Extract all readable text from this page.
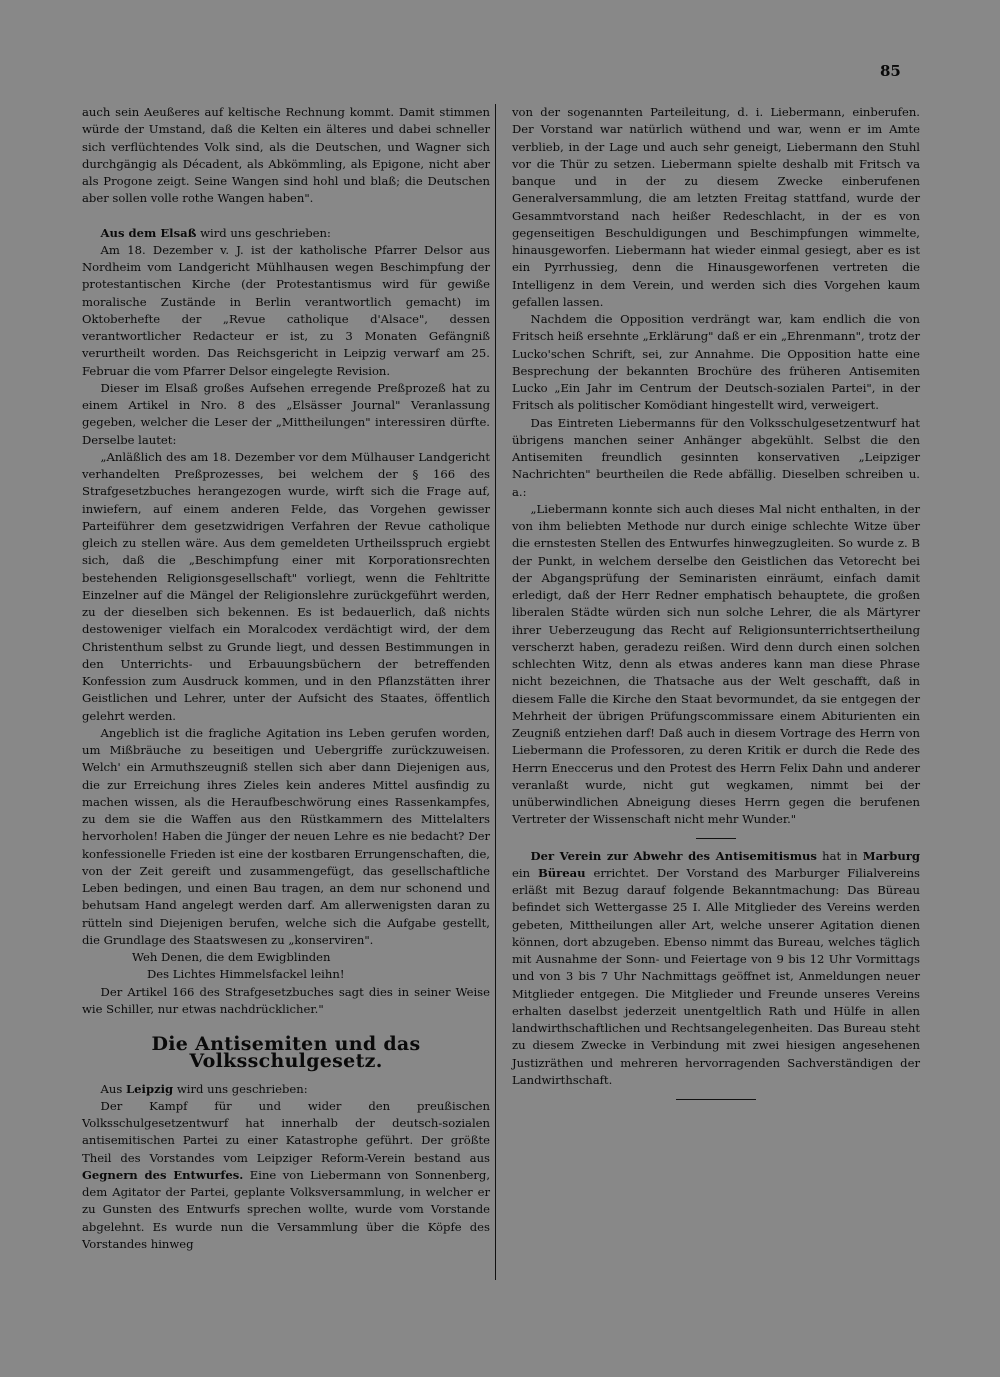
85

auch sein Aeußeres auf keltische Rechnung kommt. Damit stimmen würde der Umstand, daß die Kelten ein älteres und dabei schneller sich verflüchtendes Volk sind, als die Deutschen, und Wagner sich durchgängig als Décadent, als Abkömmling, als Epigone, nicht aber als Progone zeigt. Seine Wangen sind hohl und blaß; die Deutschen aber sollen volle rothe Wangen haben".

Aus dem Elsaß wird uns geschrieben:

Am 18. Dezember v. J. ist der katholische Pfarrer Delsor aus Nordheim vom Landgericht Mühlhausen wegen Beschimpfung der protestantischen Kirche (der Protestantismus wird für gewiße moralische Zustände in Berlin verantwortlich gemacht) im Oktoberhefte der „Revue catholique d'Alsace", dessen verantwortlicher Redacteur er ist, zu 3 Monaten Gefängniß verurtheilt worden. Das Reichsgericht in Leipzig verwarf am 25. Februar die vom Pfarrer Delsor eingelegte Revision.

Dieser im Elsaß großes Aufsehen erregende Preßprozeß hat zu einem Artikel in Nro. 8 des „Elsässer Journal" Veranlassung gegeben, welcher die Leser der „Mittheilungen" interessiren dürfte. Derselbe lautet:

„Anläßlich des am 18. Dezember vor dem Mülhauser Landgericht verhandelten Preßprozesses, bei welchem der § 166 des Strafgesetzbuches herangezogen wurde, wirft sich die Frage auf, inwiefern, auf einem anderen Felde, das Vorgehen gewisser Parteiführer dem gesetzwidrigen Verfahren der Revue catholique gleich zu stellen wäre. Aus dem gemeldeten Urtheilsspruch ergiebt sich, daß die „Beschimpfung einer mit Korporationsrechten bestehenden Religionsgesellschaft" vorliegt, wenn die Fehltritte Einzelner auf die Mängel der Religionslehre zurückgeführt werden, zu der dieselben sich bekennen. Es ist bedauerlich, daß nichts destoweniger vielfach ein Moralcodex verdächtigt wird, der dem Christenthum selbst zu Grunde liegt, und dessen Bestimmungen in den Unterrichts- und Erbauungsbüchern der betreffenden Konfession zum Ausdruck kommen, und in den Pflanzstätten ihrer Geistlichen und Lehrer, unter der Aufsicht des Staates, öffentlich gelehrt werden.

Angeblich ist die fragliche Agitation ins Leben gerufen worden, um Mißbräuche zu beseitigen und Uebergriffe zurückzuweisen. Welch' ein Armuthszeugniß stellen sich aber dann Diejenigen aus, die zur Erreichung ihres Zieles kein anderes Mittel ausfindig zu machen wissen, als die Heraufbeschwörung eines Rassenkampfes, zu dem sie die Waffen aus den Rüstkammern des Mittelalters hervorholen! Haben die Jünger der neuen Lehre es nie bedacht? Der konfessionelle Frieden ist eine der kostbaren Errungenschaften, die, von der Zeit gereift und zusammengefügt, das gesellschaftliche Leben bedingen, und einen Bau tragen, an dem nur schonend und behutsam Hand angelegt werden darf. Am allerwenigsten daran zu rütteln sind Diejenigen berufen, welche sich die Aufgabe gestellt, die Grundlage des Staatswesen zu „konserviren".

Weh Denen, die dem Ewigblinden

Des Lichtes Himmelsfackel leihn!

Der Artikel 166 des Strafgesetzbuches sagt dies in seiner Weise wie Schiller, nur etwas nachdrücklicher."

Die Antisemiten und das Volksschulgesetz.

Aus Leipzig wird uns geschrieben:

Der Kampf für und wider den preußischen Volksschulgesetzentwurf hat innerhalb der deutsch-sozialen antisemitischen Partei zu einer Katastrophe geführt. Der größte Theil des Vorstandes vom Leipziger Reform-Verein bestand aus Gegnern des Entwurfes. Eine von Liebermann von Sonnenberg, dem Agitator der Partei, geplante Volksversammlung, in welcher er zu Gunsten des Entwurfs sprechen wollte, wurde vom Vorstande abgelehnt. Es wurde nun die Versammlung über die Köpfe des Vorstandes hinweg

von der sogenannten Parteileitung, d. i. Liebermann, einberufen. Der Vorstand war natürlich wüthend und war, wenn er im Amte verblieb, in der Lage und auch sehr geneigt, Liebermann den Stuhl vor die Thür zu setzen. Liebermann spielte deshalb mit Fritsch va banque und in der zu diesem Zwecke einberufenen Generalversammlung, die am letzten Freitag stattfand, wurde der Gesammtvorstand nach heißer Redeschlacht, in der es von gegenseitigen Beschuldigungen und Beschimpfungen wimmelte, hinausgeworfen. Liebermann hat wieder einmal gesiegt, aber es ist ein Pyrrhussieg, denn die Hinausgeworfenen vertreten die Intelligenz in dem Verein, und werden sich dies Vorgehen kaum gefallen lassen.

Nachdem die Opposition verdrängt war, kam endlich die von Fritsch heiß ersehnte „Erklärung" daß er ein „Ehrenmann", trotz der Lucko'schen Schrift, sei, zur Annahme. Die Opposition hatte eine Besprechung der bekannten Brochüre des früheren Antisemiten Lucko „Ein Jahr im Centrum der Deutsch-sozialen Partei", in der Fritsch als politischer Komödiant hingestellt wird, verweigert.

Das Eintreten Liebermanns für den Volksschulgesetzentwurf hat übrigens manchen seiner Anhänger abgekühlt. Selbst die den Antisemiten freundlich gesinnten konservativen „Leipziger Nachrichten" beurtheilen die Rede abfällig. Dieselben schreiben u. a.:

„Liebermann konnte sich auch dieses Mal nicht enthalten, in der von ihm beliebten Methode nur durch einige schlechte Witze über die ernstesten Stellen des Entwurfes hinwegzugleiten. So wurde z. B der Punkt, in welchem derselbe den Geistlichen das Vetorecht bei der Abgangsprüfung der Seminaristen einräumt, einfach damit erledigt, daß der Herr Redner emphatisch behauptete, die großen liberalen Städte würden sich nun solche Lehrer, die als Märtyrer ihrer Ueberzeugung das Recht auf Religionsunterrichtsertheilung verscherzt haben, geradezu reißen. Wird denn durch einen solchen schlechten Witz, denn als etwas anderes kann man diese Phrase nicht bezeichnen, die Thatsache aus der Welt geschafft, daß in diesem Falle die Kirche den Staat bevormundet, da sie entgegen der Mehrheit der übrigen Prüfungscommissare einem Abiturienten ein Zeugniß entziehen darf! Daß auch in diesem Vortrage des Herrn von Liebermann die Professoren, zu deren Kritik er durch die Rede des Herrn Eneccerus und den Protest des Herrn Felix Dahn und anderer veranlaßt wurde, nicht gut wegkamen, nimmt bei der unüberwindlichen Abneigung dieses Herrn gegen die berufenen Vertreter der Wissenschaft nicht mehr Wunder."

Der Verein zur Abwehr des Antisemitismus hat in Marburg ein Büreau errichtet. Der Vorstand des Marburger Filialvereins erläßt mit Bezug darauf folgende Bekanntmachung: Das Büreau befindet sich Wettergasse 25 I. Alle Mitglieder des Vereins werden gebeten, Mittheilungen aller Art, welche unserer Agitation dienen können, dort abzugeben. Ebenso nimmt das Bureau, welches täglich mit Ausnahme der Sonn- und Feiertage von 9 bis 12 Uhr Vormittags und von 3 bis 7 Uhr Nachmittags geöffnet ist, Anmeldungen neuer Mitglieder entgegen. Die Mitglieder und Freunde unseres Vereins erhalten daselbst jederzeit unentgeltlich Rath und Hülfe in allen landwirthschaftlichen und Rechtsangelegenheiten. Das Bureau steht zu diesem Zwecke in Verbindung mit zwei hiesigen angesehenen Justizräthen und mehreren hervorragenden Sachverständigen der Landwirthschaft.
